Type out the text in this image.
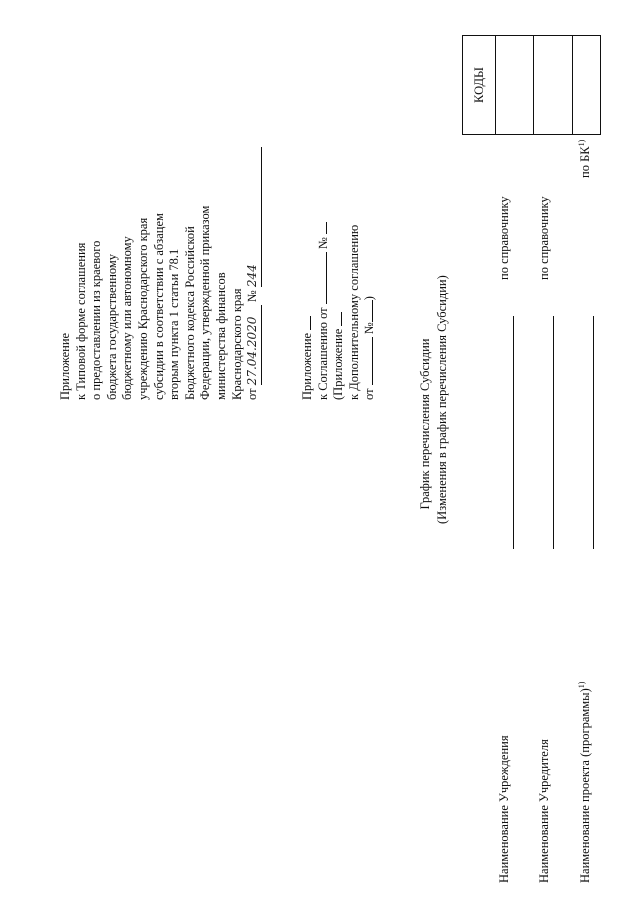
Приложение к Типовой форме соглашения о предоставлении из краевого бюджета государственному бюджетному или автономному учреждению Краснодарского края субсидии в соответствии с абзацем вторым пункта 1 статьи 78.1 Бюджетного кодекса Российской Федерации, утвержденной приказом министерства финансов Краснодарского края от 27.04.2020 № 244
Приложение к Соглашению от  №
(Приложение к Дополнительному соглашению от  №)
График перечисления Субсидии (Изменения в график перечисления Субсидии)
КОДЫ

Наименование Учреждения
по справочнику
Наименование Учредителя
по справочнику
Наименование проекта (программы)$^{1)}$
по БК$^{1)}$
